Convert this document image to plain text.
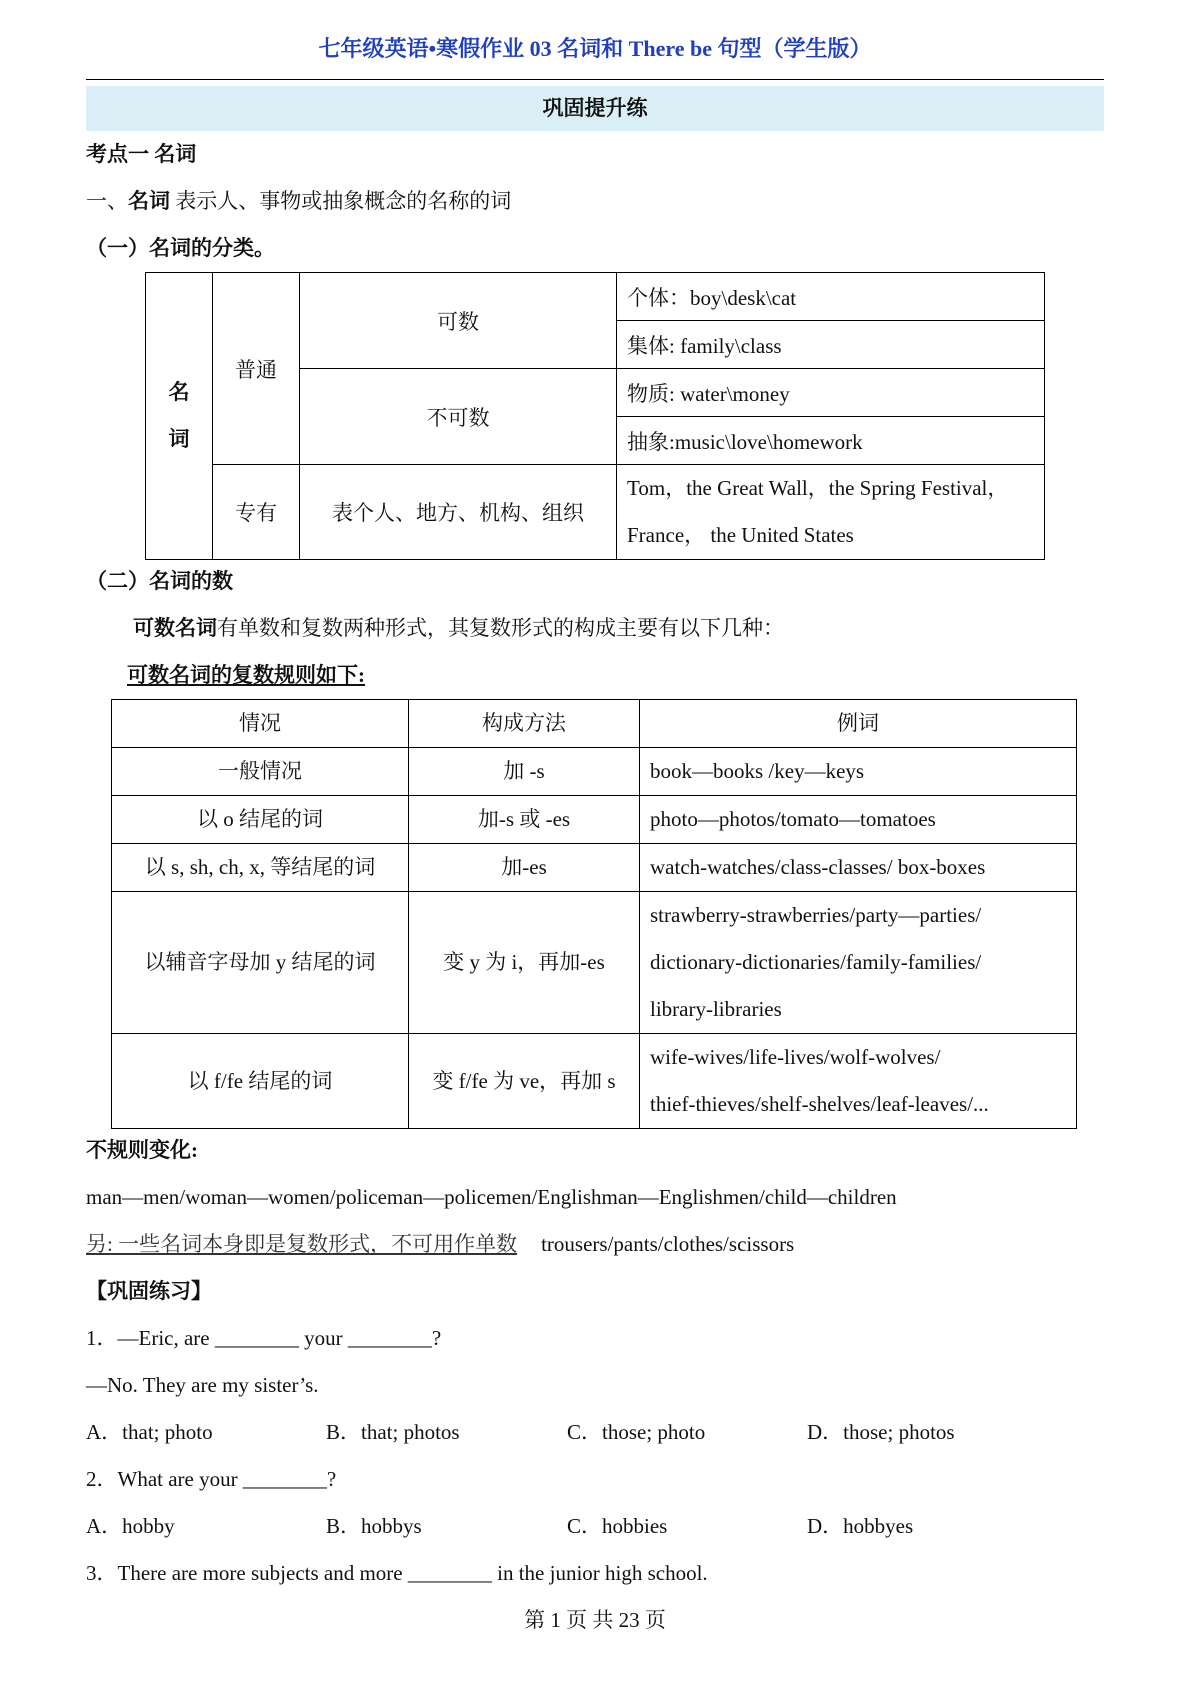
七年级英语•寒假作业 03 名词和 There be 句型（学生版）
巩固提升练
考点一 名词
一、名词 表示人、事物或抽象概念的名称的词
（一）名词的分类。
名
词	普通	可数	个体：boy\desk\cat
			集体: family\class
		不可数	物质: water\money
			抽象:music\love\homework
	专有	表个人、地方、机构、组织	Tom，the Great Wall，the Spring Festival，
France， the United States
（二）名词的数
可数名词有单数和复数两种形式，其复数形式的构成主要有以下几种：
可数名词的复数规则如下:
情况	构成方法	例词
一般情况	加 -s	book—books /key—keys

以 o 结尾的词	加-s 或 -es	photo—photos/tomato—tomatoes

以 s, sh, ch, x, 等结尾的词	加-es	watch-watches/class-classes/ box-boxes

以辅音字母加 y 结尾的词	变 y 为 i，再加-es	strawberry-strawberries/party—parties/
dictionary-dictionaries/family-families/
library-libraries

以 f/fe 结尾的词	变 f/fe 为 ve，再加 s	wife-wives/life-lives/wolf-wolves/
thief-thieves/shelf-shelves/leaf-leaves/...
不规则变化:
man—men/woman—women/policeman—policemen/Englishman—Englishmen/child—children
另: 一些名词本身即是复数形式，不可用作单数 trousers/pants/clothes/scissors
【巩固练习】
1．—Eric, are ________ your ________?
—No. They are my sister’s.
A．that; photo	B．that; photos	C．those; photo	D．those; photos
2．What are your ________?
A．hobby	B．hobbys	C．hobbies	D．hobbyes
3．There are more subjects and more ________ in the junior high school.
第 1 页 共 23 页
